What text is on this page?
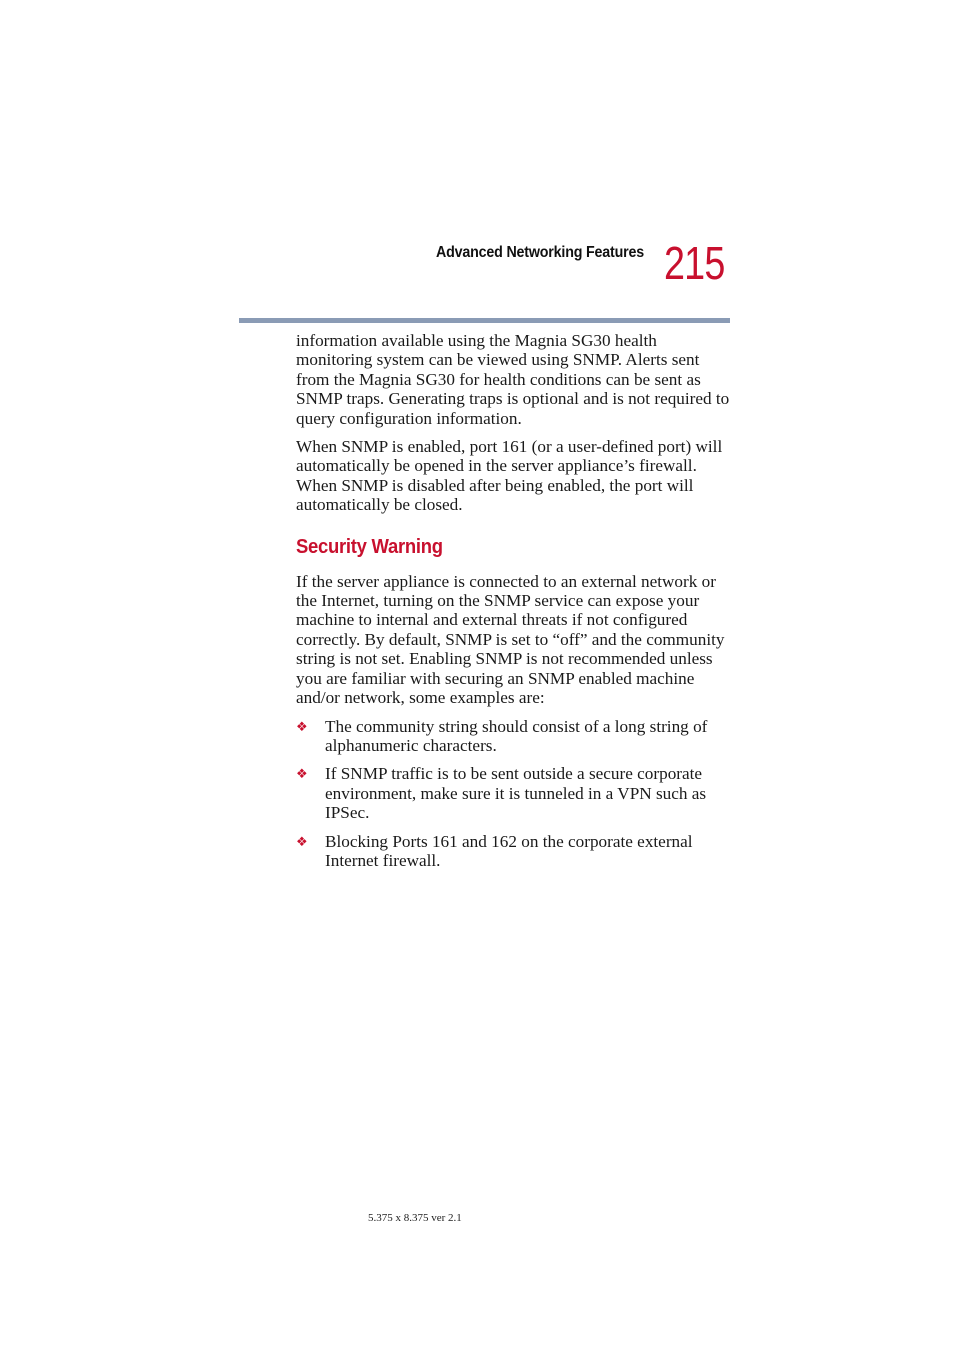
Advanced Networking Features 215

information available using the Magnia SG30 health monitoring system can be viewed using SNMP. Alerts sent from the Magnia SG30 for health conditions can be sent as SNMP traps. Generating traps is optional and is not required to query configuration information.

When SNMP is enabled, port 161 (or a user-defined port) will automatically be opened in the server appliance’s firewall. When SNMP is disabled after being enabled, the port will automatically be closed.

Security Warning

If the server appliance is connected to an external network or the Internet, turning on the SNMP service can expose your machine to internal and external threats if not configured correctly. By default, SNMP is set to “off” and the community string is not set. Enabling SNMP is not recommended unless you are familiar with securing an SNMP enabled machine and/or network, some examples are:

❖ The community string should consist of a long string of alphanumeric characters.
❖ If SNMP traffic is to be sent outside a secure corporate environment, make sure it is tunneled in a VPN such as IPSec.
❖ Blocking Ports 161 and 162 on the corporate external Internet firewall.
5.375 x 8.375 ver 2.1
